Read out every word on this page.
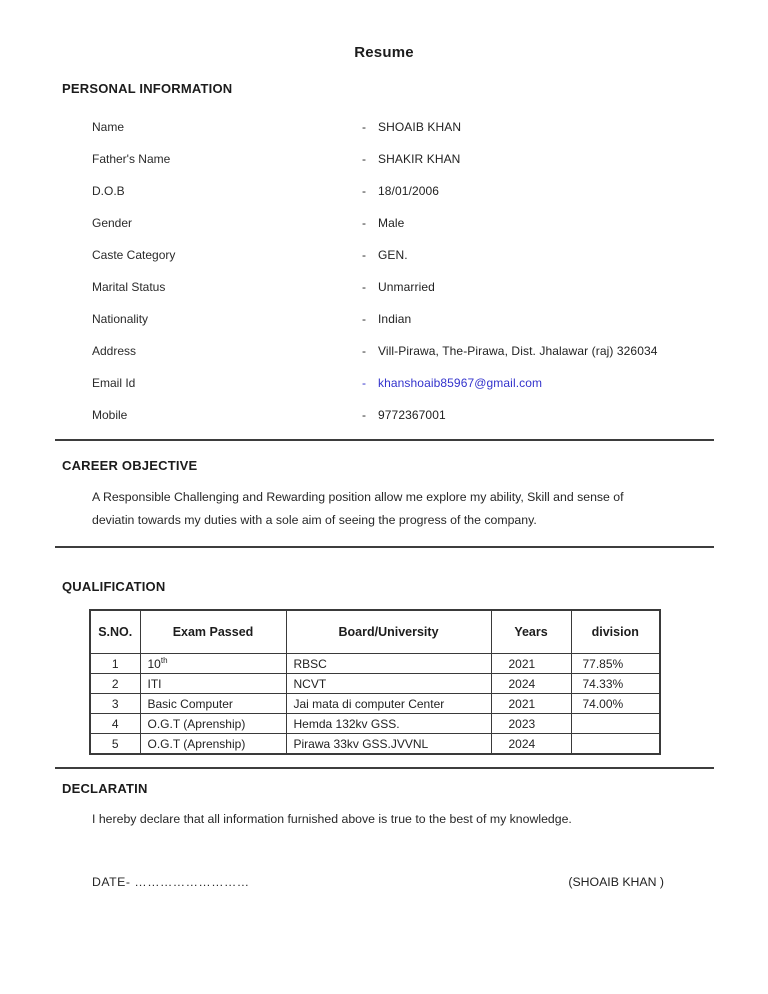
Resume
PERSONAL INFORMATION
Name	-	SHOAIB KHAN
Father's Name	-	SHAKIR KHAN
D.O.B	-	18/01/2006
Gender	-	Male
Caste Category	-	GEN.
Marital Status	-	Unmarried
Nationality	-	Indian
Address	-	Vill-Pirawa, The-Pirawa, Dist. Jhalawar (raj) 326034
Email Id	-	khanshoaib85967@gmail.com
Mobile	-	9772367001
CAREER OBJECTIVE
A Responsible Challenging and Rewarding position allow me explore my ability, Skill and sense of deviatin towards my duties with a sole aim of seeing the progress of the company.
QUALIFICATION
S.NO.	Exam Passed	Board/University	Years	division
1	10th	RBSC	2021	77.85%
2	ITI	NCVT	2024	74.33%
3	Basic Computer	Jai mata di computer Center	2021	74.00%
4	O.G.T (Aprenship)	Hemda 132kv GSS.	2023	
5	O.G.T (Aprenship)	Pirawa 33kv GSS.JVVNL	2024	
DECLARATIN
I hereby declare that all information furnished above is true to the best of my knowledge.
DATE- ………………………	(SHOAIB KHAN )
